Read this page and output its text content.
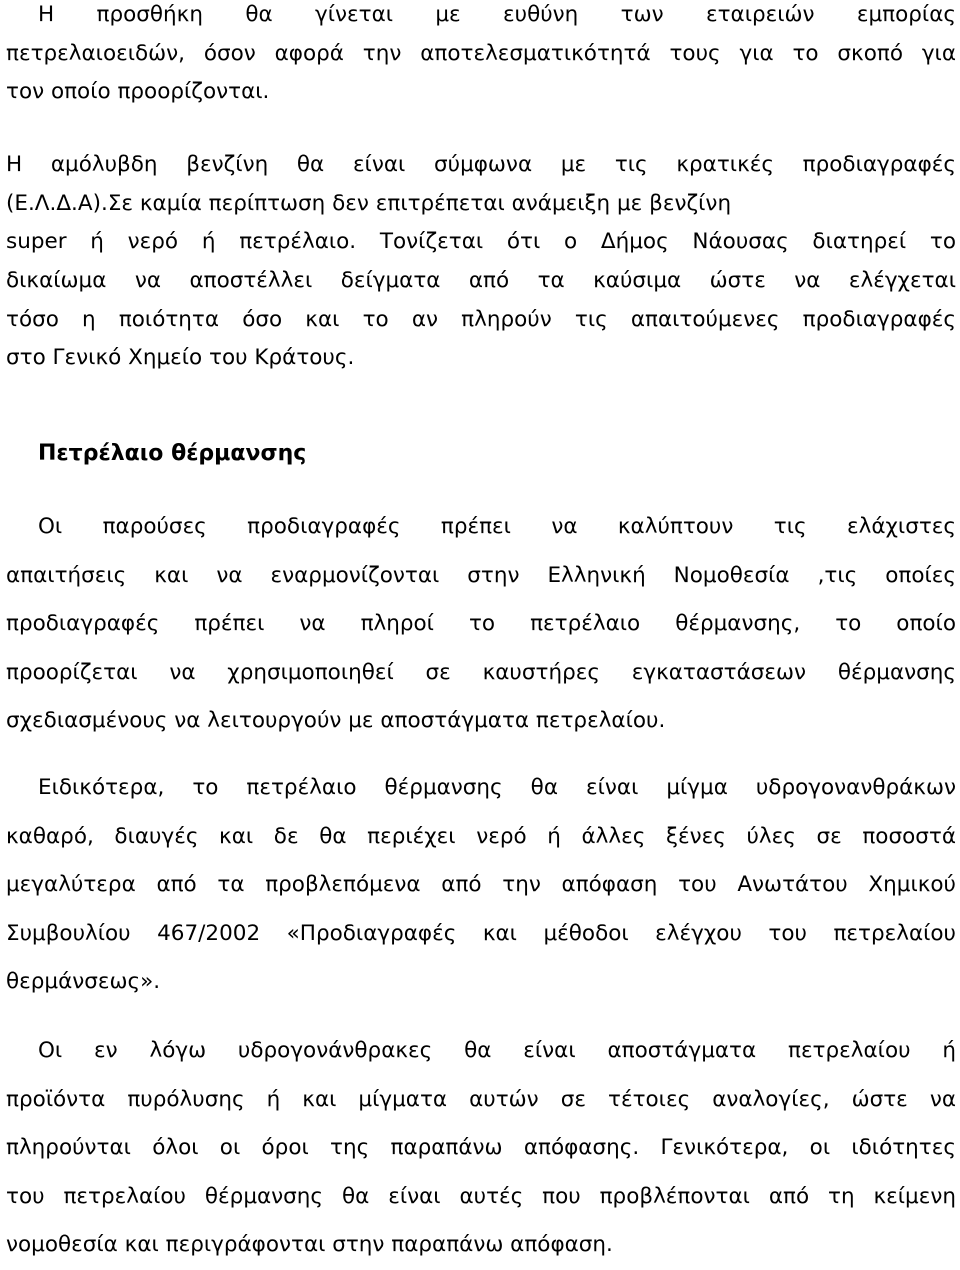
Η προσθήκη θα γίνεται με ευθύνη των εταιρειών εμπορίας
πετρελαιοειδών, όσον αφορά την αποτελεσματικότητά τους για το σκοπό για
τον οποίο προορίζονται.
Η αμόλυβδη βενζίνη θα είναι σύμφωνα με τις κρατικές προδιαγραφές
(Ε.Λ.Δ.Α).Σε καμία περίπτωση δεν επιτρέπεται ανάμειξη με βενζίνη
super ή νερό ή πετρέλαιο. Τονίζεται ότι ο Δήμος Νάουσας διατηρεί το
δικαίωμα να αποστέλλει δείγματα από τα καύσιμα ώστε να ελέγχεται
τόσο η ποιότητα όσο και το αν πληρούν τις απαιτούμενες προδιαγραφές
στο Γενικό Χημείο του Κράτους.
Πετρέλαιο θέρμανσης
Οι παρούσες προδιαγραφές πρέπει να καλύπτουν τις ελάχιστες
απαιτήσεις και να εναρμονίζονται στην Ελληνική Νομοθεσία ,τις οποίες
προδιαγραφές πρέπει να πληροί το πετρέλαιο θέρμανσης, το οποίο
προορίζεται να χρησιμοποιηθεί σε καυστήρες εγκαταστάσεων θέρμανσης
σχεδιασμένους να λειτουργούν με αποστάγματα πετρελαίου.
Ειδικότερα, το πετρέλαιο θέρμανσης θα είναι μίγμα υδρογονανθράκων
καθαρό, διαυγές και δε θα περιέχει νερό ή άλλες ξένες ύλες σε ποσοστά
μεγαλύτερα από τα προβλεπόμενα από την απόφαση του Ανωτάτου Χημικού
Συμβουλίου 467/2002 «Προδιαγραφές και μέθοδοι ελέγχου του πετρελαίου
θερμάνσεως».
Οι εν λόγω υδρογονάνθρακες θα είναι αποστάγματα πετρελαίου ή
προϊόντα πυρόλυσης ή και μίγματα αυτών σε τέτοιες αναλογίες, ώστε να
πληρούνται όλοι οι όροι της παραπάνω απόφασης. Γενικότερα, οι ιδιότητες
του πετρελαίου θέρμανσης θα είναι αυτές που προβλέπονται από τη κείμενη
νομοθεσία και περιγράφονται στην παραπάνω απόφαση.
